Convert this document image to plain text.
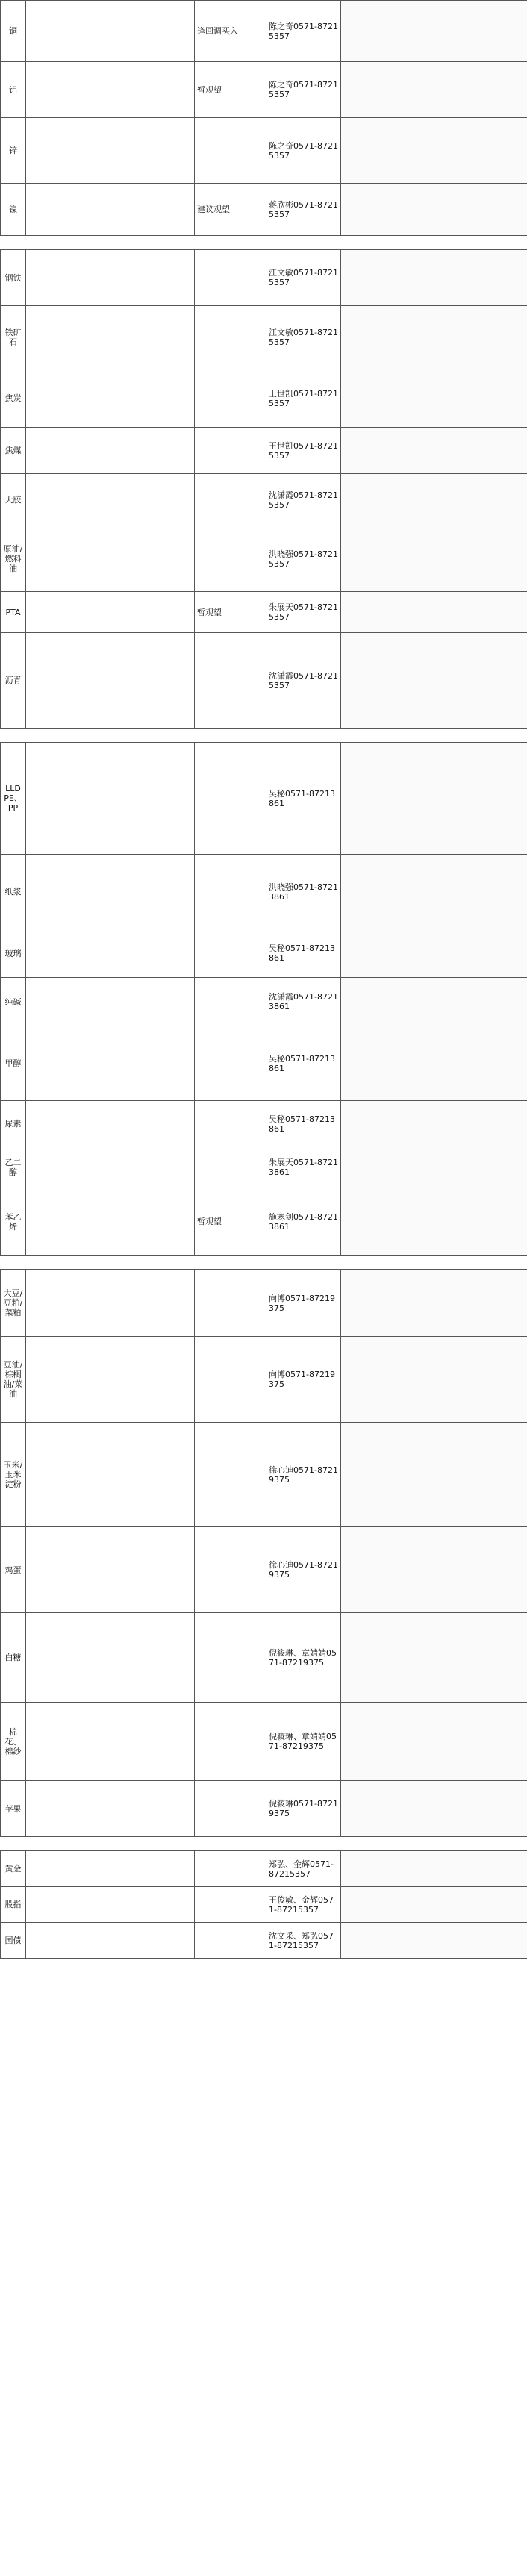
铜		逢回调买入	陈之奇0571-87215357	
铝		暂观望	陈之奇0571-87215357	
锌			陈之奇0571-87215357	
镍		建议观望	蒋欣彬0571-87215357	

钢铁			江文敏0571-87215357	
铁矿石			江文敏0571-87215357	
焦炭			王世凯0571-87215357	
焦煤			王世凯0571-87215357	
天胶			沈潇霞0571-87215357	
原油/燃料油			洪晓强0571-87215357	
PTA		暂观望	朱展天0571-87215357	
沥青			沈潇霞0571-87215357	

LLDPE、PP			吴秘0571-87213861	
纸浆			洪晓强0571-87213861	
玻璃			吴秘0571-87213861	
纯碱			沈潇霞0571-87213861	
甲醇			吴秘0571-87213861	
尿素			吴秘0571-87213861	
乙二醇			朱展天0571-87213861	
苯乙烯		暂观望	施寒剑0571-87213861	

大豆/豆粕/菜粕			向博0571-87219375	
豆油/棕榈油/菜油			向博0571-87219375	
玉米/玉米淀粉			徐心迪0571-87219375	
鸡蛋			徐心迪0571-87219375	
白糖			倪筱琳、章婧婧0571-87219375	
棉花、棉纱			倪筱琳、章婧婧0571-87219375	
苹果			倪筱琳0571-87219375	

黄金			郑弘、金辉0571-87215357	
股指			王俊敏、金辉0571-87215357	
国债			沈文采、郑弘0571-87215357	
